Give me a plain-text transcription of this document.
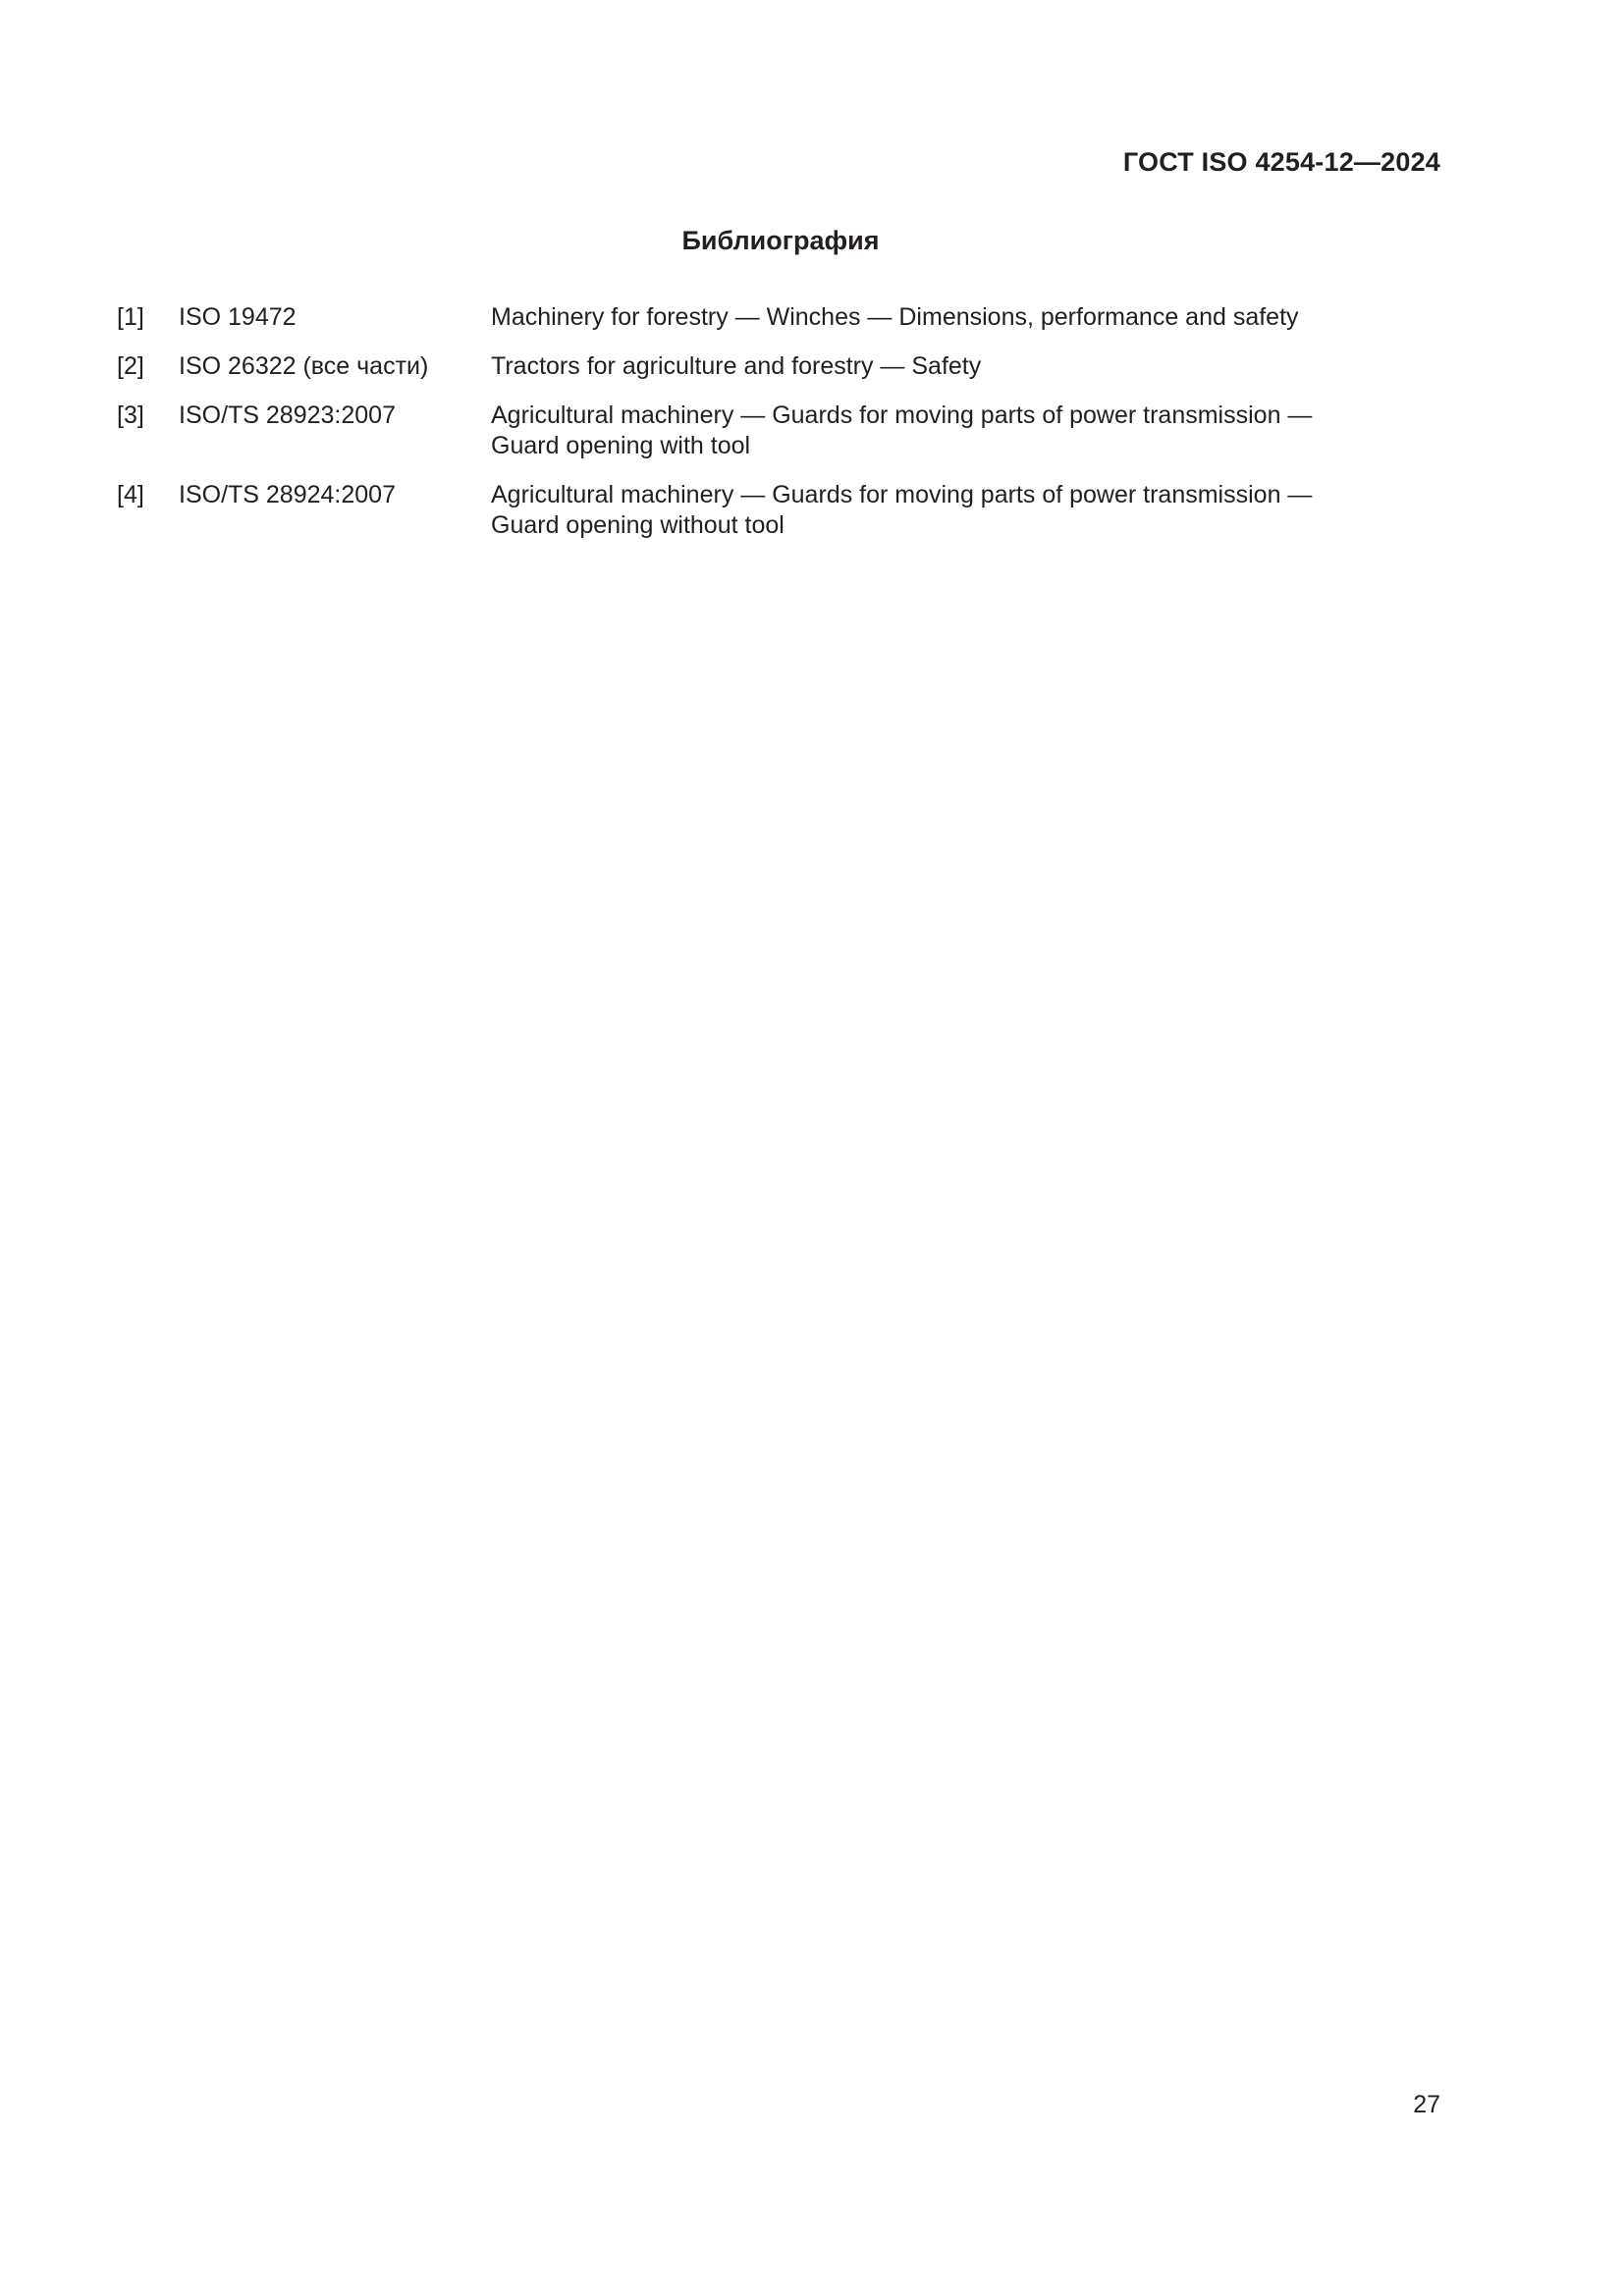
ГОСТ ISO 4254-12—2024
Библиография
[1]	ISO 19472	Machinery for forestry — Winches — Dimensions, performance and safety
[2]	ISO 26322 (все части)	Tractors for agriculture and forestry — Safety
[3]	ISO/TS 28923:2007	Agricultural machinery — Guards for moving parts of power transmission —
Guard opening with tool
[4]	ISO/TS 28924:2007	Agricultural machinery — Guards for moving parts of power transmission —
Guard opening without tool
27
